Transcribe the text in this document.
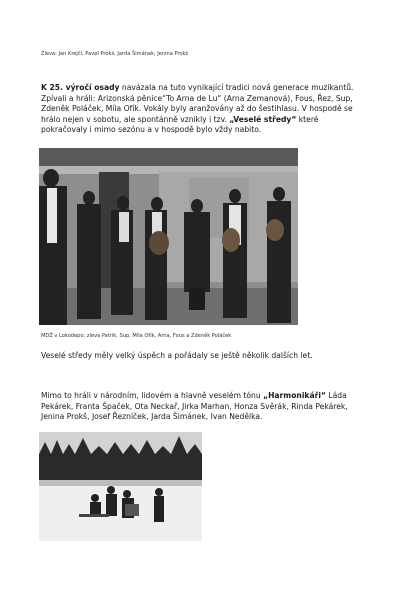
Zleva: Jan Krejčí, Pavel Prokš, Jarda Šimánek, Jenina Prokš
K 25. výročí osady navázala na tuto vynikající tradici nová generace muzikantů.
Zpívali a hráli: Arizonská pěnice“To Arna de Lu“ (Arna Zemanová), Fous, Řez, Sup,
Zdeněk Poláček, Míla Ofík. Vokály byly aranžovány až do šestihlasu. V hospodě se
hrálo nejen v sobotu, ale spontánně vznikly i tzv. „Veselé středy“ které
pokračovaly i mimo sezónu a v hospodě bylo vždy nabito.
MDŽ v Lokodepo: zleva Patrik, Sup, Míla Ofík, Arna, Fous a Zdeněk Poláček
Veselé středy měly velký úspěch a pořádaly se ještě několik dalších let.
Mimo to hráli v národním, lidovém a hlavně veselém tónu „Harmonikáři“ Láda
Pekárek, Franta Špaček, Ota Neckař, Jirka Marhan, Honza Svěrák, Rinda Pekárek,
Jenina Prokš, Josef Řezníček, Jarda Šimánek, Ivan Nedělka.
